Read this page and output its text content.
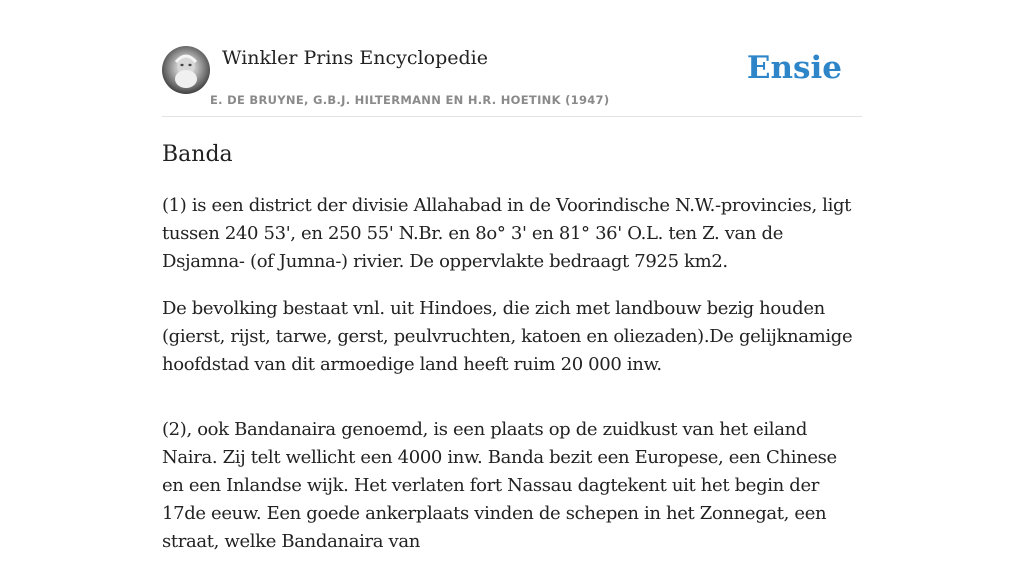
Winkler Prins Encyclopedie
E. DE BRUYNE, G.B.J. HILTERMANN EN H.R. HOETINK (1947)
Ensie
Banda

(1) is een district der divisie Allahabad in de Voorindische N.W.-provincies, ligt tussen 240 53', en 250 55' N.Br. en 8o° 3' en 81° 36' O.L. ten Z. van de Dsjamna- (of Jumna-) rivier. De oppervlakte bedraagt 7925 km2.

De bevolking bestaat vnl. uit Hindoes, die zich met landbouw bezig houden (gierst, rijst, tarwe, gerst, peulvruchten, katoen en oliezaden).De gelijknamige hoofdstad van dit armoedige land heeft ruim 20 000 inw.

(2), ook Bandanaira genoemd, is een plaats op de zuidkust van het eiland Naira. Zij telt wellicht een 4000 inw. Banda bezit een Europese, een Chinese en een Inlandse wijk. Het verlaten fort Nassau dagtekent uit het begin der 17de eeuw. Een goede ankerplaats vinden de schepen in het Zonnegat, een straat, welke Bandanaira van
